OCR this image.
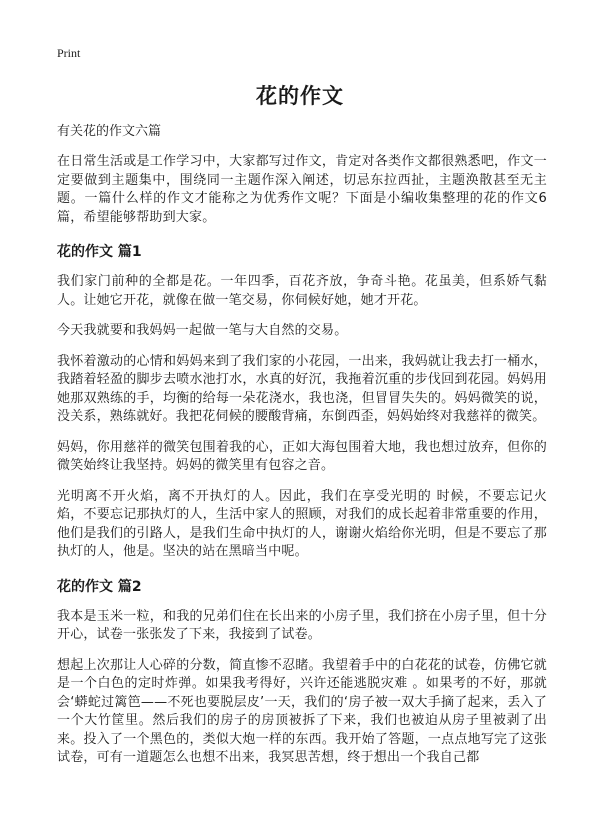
Print
花的作文
有关花的作文六篇
在日常生活或是工作学习中，大家都写过作文，肯定对各类作文都很熟悉吧，作文一定要做到主题集中，围绕同一主题作深入阐述，切忌东拉西扯，主题涣散甚至无主题。一篇什么样的作文才能称之为优秀作文呢？下面是小编收集整理的花的作文6篇，希望能够帮助到大家。
花的作文 篇1
我们家门前种的全都是花。一年四季，百花齐放，争奇斗艳。花虽美，但系娇气黏人。让她它开花，就像在做一笔交易，你伺候好她，她才开花。
今天我就要和我妈妈一起做一笔与大自然的交易。
我怀着激动的心情和妈妈来到了我们家的小花园，一出来，我妈就让我去打一桶水，我踏着轻盈的脚步去喷水池打水，水真的好沉，我拖着沉重的步伐回到花园。妈妈用她那双熟练的手，均衡的给每一朵花浇水，我也浇，但冒冒失失的。妈妈微笑的说，没关系，熟练就好。我把花伺候的腰酸背痛，东倒西歪，妈妈始终对我慈祥的微笑。
妈妈，你用慈祥的微笑包围着我的心，正如大海包围着大地，我也想过放弃，但你的微笑始终让我坚持。妈妈的微笑里有包容之音。
光明离不开火焰，离不开执灯的人。因此，我们在享受光明的 时候，不要忘记火焰，不要忘记那执灯的人，生活中家人的照顾，对我们的成长起着非常重要的作用，他们是我们的引路人，是我们生命中执灯的人，谢谢火焰给你光明，但是不要忘了那执灯的人，他是。坚决的站在黑暗当中呢。
花的作文 篇2
我本是玉米一粒，和我的兄弟们住在长出来的小房子里，我们挤在小房子里，但十分开心，试卷一张张发了下来，我接到了试卷。
想起上次那让人心碎的分数，简直惨不忍睹。我望着手中的白花花的试卷，仿佛它就是一个白色的定时炸弹。如果我考得好，兴许还能逃脱灾难 。如果考的不好，那就会‘蟒蛇过篱笆——不死也要脱层皮’一天，我们的‘房子被一双大手摘了起来，丢入了一个大竹筐里。然后我们的房子的房顶被拆了下来，我们也被迫从房子里被剥了出来。投入了一个黑色的，类似大炮一样的东西。我开始了答题，一点点地写完了这张试卷，可有一道题怎么也想不出来，我冥思苦想，终于想出一个我自己都
